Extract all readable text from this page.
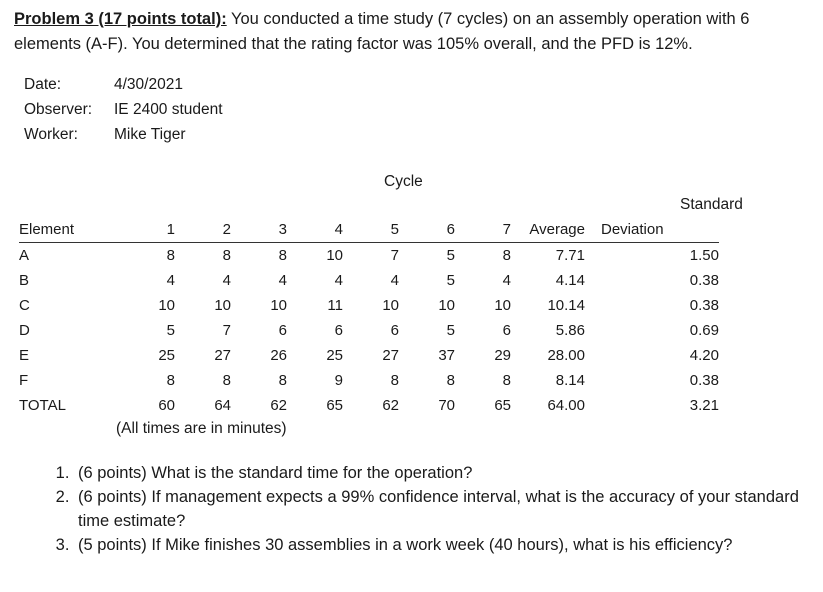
Problem 3 (17 points total): You conducted a time study (7 cycles) on an assembly operation with 6 elements (A-F). You determined that the rating factor was 105% overall, and the PFD is 12%.
Date:	4/30/2021
Observer:	IE 2400 student
Worker:	Mike Tiger
Cycle
Standard
Element	1	2	3	4	5	6	7	Average	Deviation
A	8	8	8	10	7	5	8	7.71	1.50
B	4	4	4	4	4	5	4	4.14	0.38
C	10	10	10	11	10	10	10	10.14	0.38
D	5	7	6	6	6	5	6	5.86	0.69
E	25	27	26	25	27	37	29	28.00	4.20
F	8	8	8	9	8	8	8	8.14	0.38
TOTAL	60	64	62	65	62	70	65	64.00	3.21
(All times are in minutes)
1. (6 points) What is the standard time for the operation?
2. (6 points) If management expects a 99% confidence interval, what is the accuracy of your standard time estimate?
3. (5 points) If Mike finishes 30 assemblies in a work week (40 hours), what is his efficiency?
